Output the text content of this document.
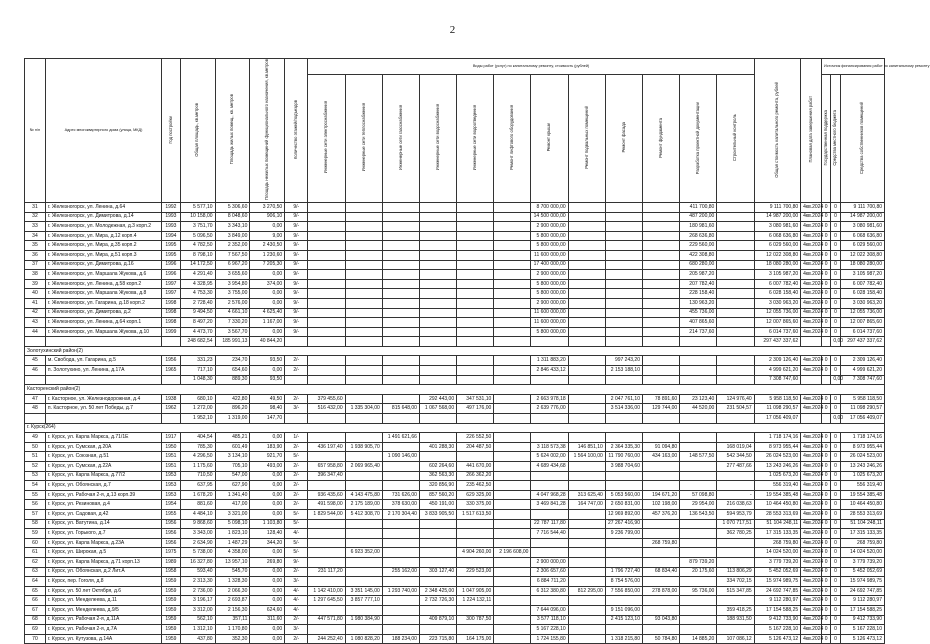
2
№ п/п	Адрес многоквартирного дома (улица, МКД)	Год постройки	Общая площадь, кв.метров	Площадь жилых помещ., кв. метров	Площадь нежилых помещений функционального назначения, кв.метров	Количество этажей/подъездов	Виды работ (услуг) по капитальному ремонту, стоимость (рублей)												Общая стоимость капитального ремонта, рублей	Плановая дата завершения работ	Источник финансирования работ по капитальному ремонту		
							Инженерные сети электроснабжения	Инженерные сети теплоснабжения	Инженерные сети газоснабжения	Инженерные сети водоснабжения	Инженерные сети водоотведения	Ремонт лифтового оборудования	Ремонт крыши	Ремонт подвальных помещений	Ремонт фасада	Ремонт фундамента	Разработка проектной документации	Строительный контроль			Государственная поддержка	Средства местного бюджета	Средства собственников помещений
31	г. Железногорск, ул. Ленина, д.64	1992	5 577,10	5 306,60	3 270,50	9/-							8 700 000,00				411 700,80		9 111 700,80	4кв.2024	0	0	9 111 700,80
32	г. Железногорск, ул. Димитрова, д.14	1993	10 158,00	8 048,60	906,10	9/-							14 500 000,00				487 200,00		14 987 200,00	4кв.2024	0	0	14 987 200,00
33	г. Железногорск, ул. Молодежная, д.3 корп.2	1993	3 751,70	3 343,10	0,00	9/-							2 900 000,00				180 981,60		3 080 981,60	4кв.2024	0	0	3 080 981,60
34	г. Железногорск, ул. Мира, д.12 корп.4	1994	5 096,50	3 849,00	9,00	9/-							5 800 000,00				268 636,80		6 068 636,80	4кв.2024	0	0	6 068 636,80
35	г. Железногорск, ул. Мира, д.35 корп.2	1995	4 782,50	2 352,00	2 430,50	9/-							5 800 000,00				229 560,00		6 029 560,00	4кв.2024	0	0	6 029 560,00
36	г. Железногорск, ул. Мира, д.51 корп.3	1995	8 798,10	7 567,50	1 230,60	9/-							11 600 000,00				422 308,80		12 022 308,80	4кв.2024	0	0	12 022 308,80
37	г. Железногорск, ул. Димитрова, д.16	1996	14 172,50	6 967,20	7 205,30	9/-							17 400 000,00				680 280,00		18 080 280,00	4кв.2024	0	0	18 080 280,00
38	г. Железногорск, ул. Маршала Жукова, д.6	1996	4 291,40	3 655,60	0,00	9/-							2 900 000,00				205 987,20		3 105 987,20	4кв.2024	0	0	3 105 987,20
39	г. Железногорск, ул. Ленина, д.58 корп.2	1997	4 328,95	3 954,80	374,00	9/-							5 800 000,00				207 782,40		6 007 782,40	4кв.2024	0	0	6 007 782,40
40	г. Железногорск, ул. Маршала Жукова, д.8	1997	4 753,30	3 755,00	0,00	9/-							5 800 000,00				228 158,40		6 028 158,40	4кв.2024	0	0	6 028 158,40
41	г. Железногорск, ул. Гагарина, д.18 корп.2	1998	2 728,40	2 576,00	0,00	9/-							2 900 000,00				130 963,20		3 030 963,20	4кв.2024	0	0	3 030 963,20
42	г. Железногорск, ул. Димитрова, д.2	1998	9 494,50	4 661,10	4 625,40	9/-							11 600 000,00				455 736,00		12 055 736,00	4кв.2024	0	0	12 055 736,00
43	г. Железногорск, ул. Ленина, д.64 корп.1	1998	8 497,20	7 330,20	1 167,00	9/-							11 600 000,00				407 865,60		12 007 865,60	4кв.2024	0	0	12 007 865,60
44	г. Железногорск, ул. Маршала Жукова, д.10	1999	4 473,70	3 567,70	0,00	9/-							5 800 000,00				214 737,60		6 014 737,60	4кв.2024	0	0	6 014 737,60
			248 682,54	185 991,13	40 844,20														297 437 337,62			0,00	297 437 337,62
Золотухинский район(2)																							
45	м. Свобода, ул. Гагарина, д.5	1956	331,23	234,70	93,50	2/-							1 311 883,20		997 243,20				2 309 126,40	4кв.2024	0	0	2 309 126,40
46	п. Золотухино, ул. Ленина, д.17А	1965	717,10	654,60	0,00	2/-							2 846 433,12		2 153 188,10				4 999 621,20	4кв.2024	0	0	4 999 621,20
			1 048,30	889,30	93,50														7 308 747,60			0,00	7 308 747,60
Касторенский район(2)																							
47	г. Касторное, ул. Железнодорожная, д.4	1938	680,10	422,80	49,50	2/-	379 455,60			292 443,00	347 531,10		2 663 978,18		2 047 761,10	78 891,60	23 123,40	124 976,40	5 958 118,50	4кв.2024	0	0	5 958 118,50
48	п. Касторное, ул. 50 лет Победы, д.7	1962	1 272,00	896,20	98,40	3/-	516 432,00	1 335 304,00	815 648,00	1 067 568,00	497 176,00		2 639 776,00		3 514 336,00	129 744,00	44 520,00	231 504,57	11 098 290,57	4кв.2024	0	0	11 098 290,57
			1 952,10	1 319,00	147,70														17 056 409,07			0,00	17 056 409,07
г. Курск(264)																							
49	г. Курск, ул. Карла Маркса, д.71/1Е	1917	404,54	485,21	0,00	1/-			1 491 621,66		226 552,50								1 718 174,16	4кв.2024	0	0	1 718 174,16
50	г. Курск, ул. Сумская, д.20А	1950	785,30	601,49	183,90	2/-	436 197,40	1 938 905,70		401 288,30	204 487,50		3 118 573,38	146 851,10	2 364 335,30	91 094,80		168 019,04	8 973 955,44	4кв.2024	0	0	8 973 955,44
51	г. Курск, ул. Союзная, д.51	1951	4 296,50	3 134,10	921,70	5/-			1 090 146,00				5 624 002,00	1 564 100,00	11 790 760,00	434 163,00	148 577,50	542 344,50	26 024 523,00	4кв.2024	0	0	26 024 523,00
52	г. Курск, ул. Сумская, д.22А	1951	1 175,60	705,10	493,00	2/-	657 958,80	2 069 965,40		602 264,60	441 670,00		4 689 434,68		3 988 704,60			277 487,66	13 243 246,26	4кв.2024	0	0	13 243 246,26
53	г. Курск, ул. Карла Маркса, д.77/2	1953	710,50	547,00	0,00	2/-	396 347,40			362 563,30	266 362,20								1 025 673,20	4кв.2024	0	0	1 025 673,20
54	г. Курск, ул. Обоянская, д.7	1953	637,95	627,90	0,00	2/-				320 856,90	235 462,50								556 319,40	4кв.2024	0	0	556 319,40
55	г. Курск, ул. Рабочая 2-я, д.13 корп.39	1953	1 678,20	1 341,40	0,00	2/-	936 435,60	4 143 475,80	731 626,00	857 560,20	629 325,00		4 047 968,28	313 625,40	5 053 560,00	194 671,20	57 098,80	-	19 554 385,48	4кв.2024	0	0	19 554 385,48
56	г. Курск, ул. Резиновая, д.4	1954	881,60	417,00	0,00	2/-	491 598,00	2 175 189,00	378 630,00	450 191,00	330 375,00		3 469 841,28	164 747,00	2 650 831,00	102 198,00	29 954,00	216 038,63	10 464 450,80	4кв.2024	0	0	10 464 450,80
57	г. Курск, ул. Садовая, д.42	1955	4 484,10	3 321,00	0,00	5/-	1 829 544,00	5 412 308,70	2 170 304,40	3 833 905,50	1 517 613,50				12 969 892,00	457 376,20	136 543,50	594 953,79	28 553 313,69	4кв.2024	0	0	28 553 313,69
58	г. Курск, ул. Ватутина, д.14	1956	9 868,60	5 098,10	1 103,80	5/-							22 787 117,80		27 267 416,90			1 070 717,51	51 104 248,11	4кв.2024	0	0	51 104 248,11
59	г. Курск, ул. Горького, д.7	1956	3 343,00	1 823,10	128,40	4/-							7 716 544,40		9 236 799,00			362 780,25	17 315 133,35	4кв.2024	0	0	17 315 133,35
60	г. Курск, ул. Карла Маркса, д.23А	1956	2 634,90	1 487,29	344,20	5/-										268 759,80			268 759,80	4кв.2024	0	0	268 759,80
61	г. Курск, ул. Широкая, д.5	1975	5 738,00	4 358,00	0,00	5/-		6 923 352,00			4 904 260,00	2 196 608,00							14 024 520,00	4кв.2024	0	0	14 024 520,00
62	г. Курск, ул. Карла Маркса, д.71 корп.13	1989	16 327,80	13 957,10	269,80	9/-							2 900 000,00				879 739,20		3 779 739,20	4кв.2024	0	0	3 779 739,20
63	г. Курск, ул. Обоянская, д.2 Лит.А	1958	593,40	545,70	0,00	2/-	231 117,20		255 162,00	303 127,40	229 523,00		2 306 657,60		1 796 727,40	68 834,40	20 175,60	113 806,29	5 452 052,69	4кв.2024	0	0	5 452 052,69
64	г. Курск, пер. Гоголя, д.8	1959	2 313,30	1 328,30	0,00	3/-							6 884 711,20		8 754 576,00			334 702,15	15 974 989,75	4кв.2024	0	0	15 974 989,75
65	г. Курск, ул. 50 лет Октября, д.6	1959	2 736,00	2 066,30	0,00	4/-	1 142 410,00	3 351 145,00	1 293 740,00	2 348 425,00	1 047 905,00		6 312 380,80	812 295,00	7 556 850,00	278 878,00	95 736,00	515 347,85	24 692 747,85	4кв.2024	0	0	24 692 747,85
66	г. Курск, ул. Менделеева, д.11	1959	3 196,17	2 693,87	0,00	4/-	1 297 645,50	3 857 777,10		2 732 726,30	1 224 132,11								9 112 280,97	4кв.2024	0	0	9 112 280,97
67	г. Курск, ул. Менделеева, д.9/5	1959	3 312,00	2 156,30	624,60	4/-							7 644 096,00		9 151 096,00			359 418,25	17 154 588,25	4кв.2024	0	0	17 154 588,25
68	г. Курск, ул. Рабочая 2-я, д.11А	1959	562,10	357,11	311,60	2/-	447 571,80	1 980 384,90		409 879,10	300 787,50		3 577 118,10		2 415 123,10	93 043,80		188 931,50	9 412 733,90	4кв.2024	0	0	9 412 733,90
69	г. Курск, ул. Рабочая 2-я, д.7А	1959	1 312,10	1 170,80	0,00	3/-							5 167 228,10						5 167 228,10	4кв.2024	0	0	5 167 228,10
70	г. Курск, ул. Кутузова, д.14А	1959	437,80	352,30	0,00	2/-	244 252,40	1 080 828,20	188 234,00	223 715,80	164 175,00		1 724 155,80		1 318 215,80	50 784,80	14 885,20	107 086,12	5 126 473,12	4кв.2024	0	0	5 126 473,12
